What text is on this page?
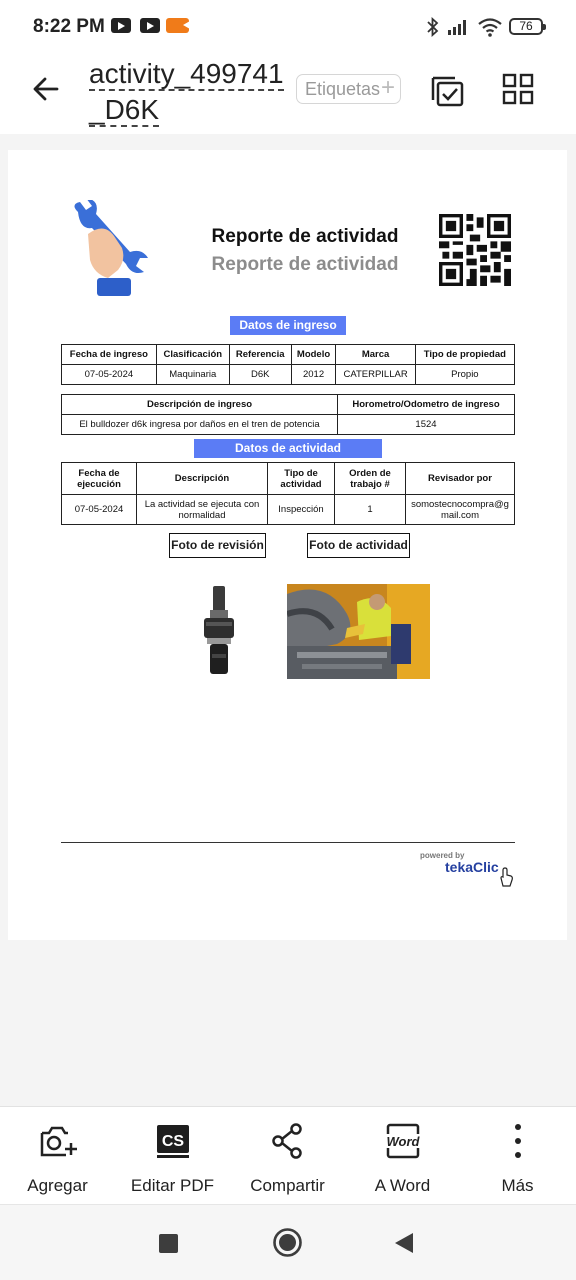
8:22 PM	76
activity_499741_D6K
Etiquetas +
Reporte de actividad
Reporte de actividad
Datos de ingreso
Fecha de ingreso	Clasificación	Referencia	Modelo	Marca	Tipo de propiedad
07-05-2024	Maquinaria	D6K	2012	CATERPILLAR	Propio
Descripción de ingreso	Horometro/Odometro de ingreso
El bulldozer d6k ingresa por daños en el tren de potencia	1524
Datos de actividad
Fecha de ejecución	Descripción	Tipo de actividad	Orden de trabajo #	Revisador por
07-05-2024	La actividad se ejecuta con normalidad	Inspección	1	somostecnocompra@gmail.com
Foto de revisión	Foto de actividad
powered by
tekaClic
Agregar
CS
Editar PDF	Compartir
Word
A Word	Más
